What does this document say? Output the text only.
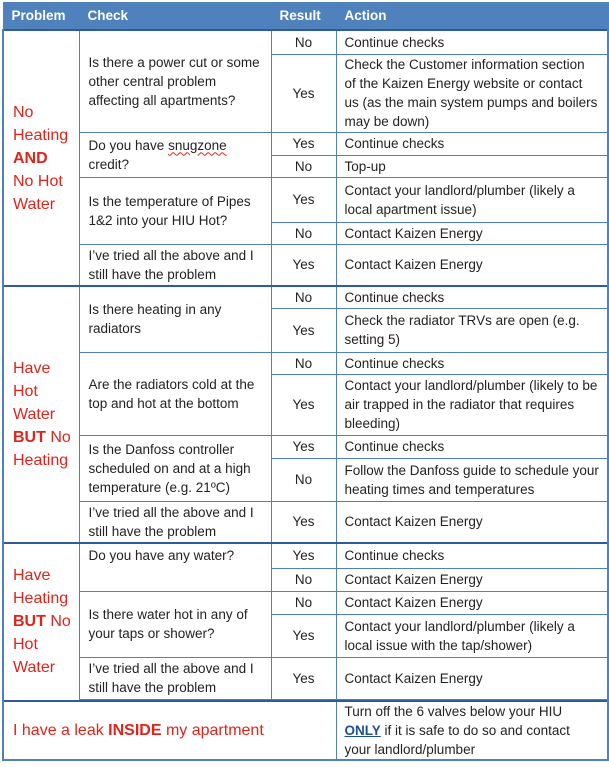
Problem	Check	Result	Action
No Heating
AND
No Hot Water	Is there a power cut or some other central problem affecting all apartments?	No	Continue checks
		Yes	Check the Customer information section of the Kaizen Energy website or contact us (as the main system pumps and boilers may be down)
	Do you have snugzone credit?	Yes	Continue checks
		No	Top-up
	Is the temperature of Pipes 1&2 into your HIU Hot?	Yes	Contact your landlord/plumber (likely a local apartment issue)
		No	Contact Kaizen Energy
	I’ve tried all the above and I still have the problem	Yes	Contact Kaizen Energy
Have Hot Water
BUT No Heating	Is there heating in any radiators	No	Continue checks
		Yes	Check the radiator TRVs are open (e.g. setting 5)
	Are the radiators cold at the top and hot at the bottom	No	Continue checks
		Yes	Contact your landlord/plumber (likely to be air trapped in the radiator that requires bleeding)
	Is the Danfoss controller scheduled on and at a high temperature (e.g. 21ºC)	Yes	Continue checks
		No	Follow the Danfoss guide to schedule your heating times and temperatures
	I’ve tried all the above and I still have the problem	Yes	Contact Kaizen Energy
Have Heating
BUT No Hot Water	Do you have any water?	Yes	Continue checks
		No	Contact Kaizen Energy
	Is there water hot in any of your taps or shower?	No	Contact Kaizen Energy
		Yes	Contact your landlord/plumber (likely a local issue with the tap/shower)
	I’ve tried all the above and I still have the problem	Yes	Contact Kaizen Energy

I have a leak INSIDE my apartment			Turn off the 6 valves below your HIU ONLY if it is safe to do so and contact your landlord/plumber
